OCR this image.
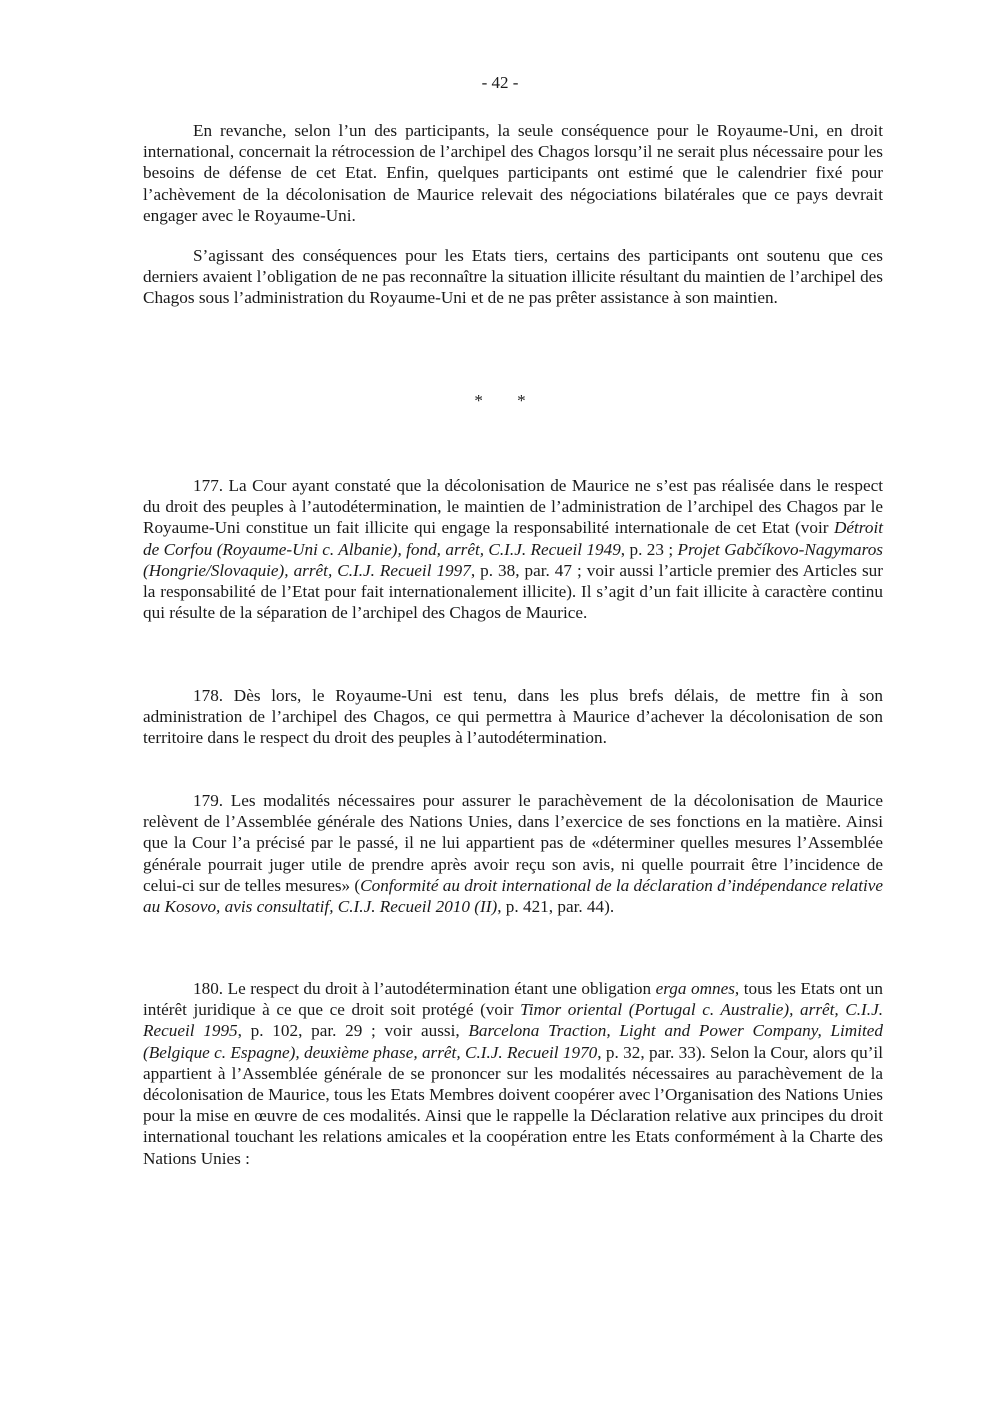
- 42 -

En revanche, selon l’un des participants, la seule conséquence pour le Royaume-Uni, en droit international, concernait la rétrocession de l’archipel des Chagos lorsqu’il ne serait plus nécessaire pour les besoins de défense de cet Etat. Enfin, quelques participants ont estimé que le calendrier fixé pour l’achèvement de la décolonisation de Maurice relevait des négociations bilatérales que ce pays devrait engager avec le Royaume-Uni.

S’agissant des conséquences pour les Etats tiers, certains des participants ont soutenu que ces derniers avaient l’obligation de ne pas reconnaître la situation illicite résultant du maintien de l’archipel des Chagos sous l’administration du Royaume-Uni et de ne pas prêter assistance à son maintien.

* *

177. La Cour ayant constaté que la décolonisation de Maurice ne s’est pas réalisée dans le respect du droit des peuples à l’autodétermination, le maintien de l’administration de l’archipel des Chagos par le Royaume-Uni constitue un fait illicite qui engage la responsabilité internationale de cet Etat (voir Détroit de Corfou (Royaume-Uni c. Albanie), fond, arrêt, C.I.J. Recueil 1949, p. 23 ; Projet Gabčíkovo-Nagymaros (Hongrie/Slovaquie), arrêt, C.I.J. Recueil 1997, p. 38, par. 47 ; voir aussi l’article premier des Articles sur la responsabilité de l’Etat pour fait internationalement illicite). Il s’agit d’un fait illicite à caractère continu qui résulte de la séparation de l’archipel des Chagos de Maurice.

178. Dès lors, le Royaume-Uni est tenu, dans les plus brefs délais, de mettre fin à son administration de l’archipel des Chagos, ce qui permettra à Maurice d’achever la décolonisation de son territoire dans le respect du droit des peuples à l’autodétermination.

179. Les modalités nécessaires pour assurer le parachèvement de la décolonisation de Maurice relèvent de l’Assemblée générale des Nations Unies, dans l’exercice de ses fonctions en la matière. Ainsi que la Cour l’a précisé par le passé, il ne lui appartient pas de «déterminer quelles mesures l’Assemblée générale pourrait juger utile de prendre après avoir reçu son avis, ni quelle pourrait être l’incidence de celui-ci sur de telles mesures» (Conformité au droit international de la déclaration d’indépendance relative au Kosovo, avis consultatif, C.I.J. Recueil 2010 (II), p. 421, par. 44).

180. Le respect du droit à l’autodétermination étant une obligation erga omnes, tous les Etats ont un intérêt juridique à ce que ce droit soit protégé (voir Timor oriental (Portugal c. Australie), arrêt, C.I.J. Recueil 1995, p. 102, par. 29 ; voir aussi, Barcelona Traction, Light and Power Company, Limited (Belgique c. Espagne), deuxième phase, arrêt, C.I.J. Recueil 1970, p. 32, par. 33). Selon la Cour, alors qu’il appartient à l’Assemblée générale de se prononcer sur les modalités nécessaires au parachèvement de la décolonisation de Maurice, tous les Etats Membres doivent coopérer avec l’Organisation des Nations Unies pour la mise en œuvre de ces modalités. Ainsi que le rappelle la Déclaration relative aux principes du droit international touchant les relations amicales et la coopération entre les Etats conformément à la Charte des Nations Unies :
